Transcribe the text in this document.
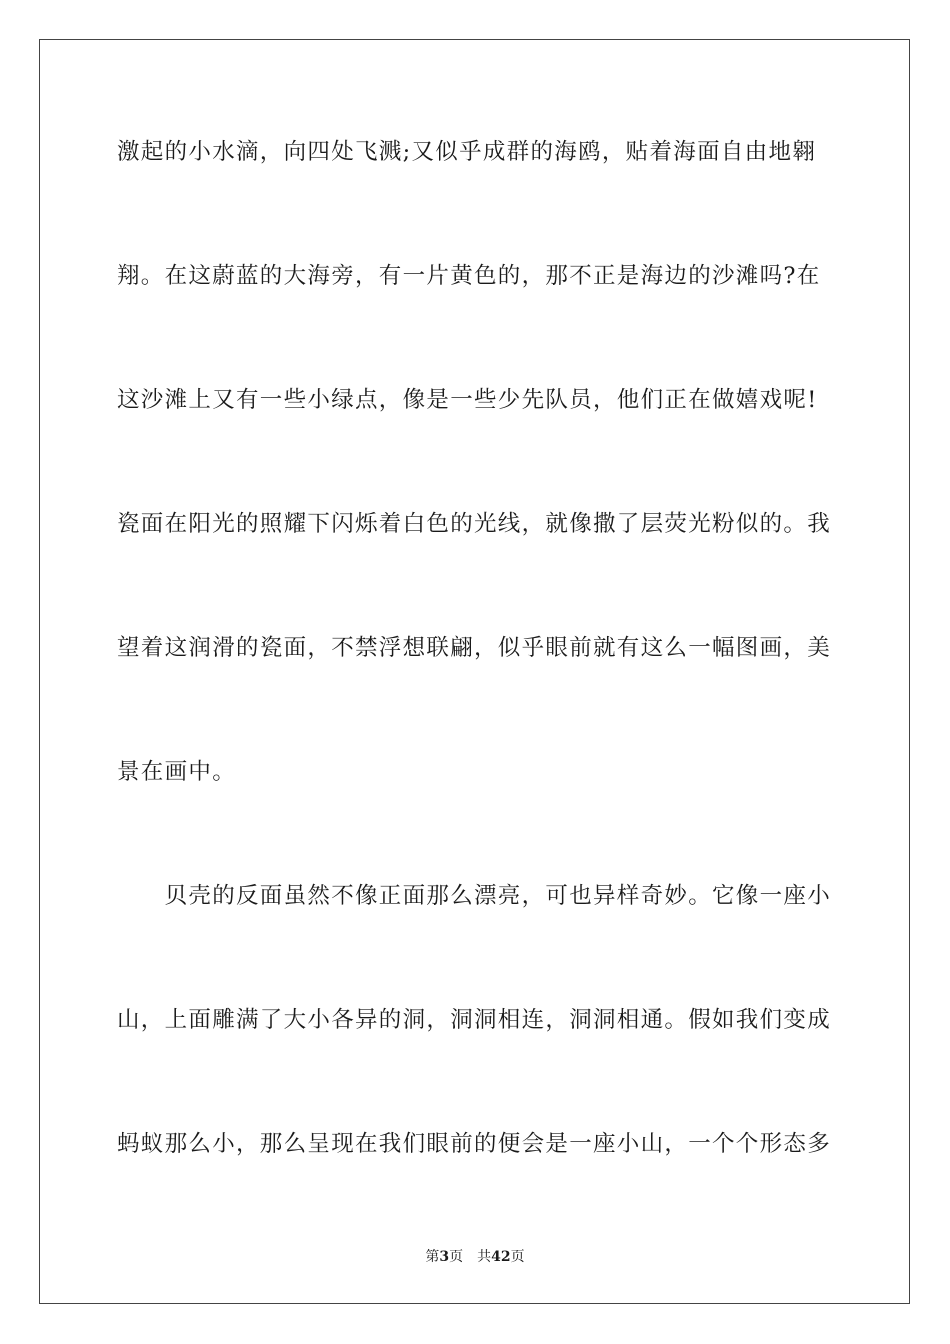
激起的小水滴，向四处飞溅;又似乎成群的海鸥，贴着海面自由地翱
翔。在这蔚蓝的大海旁，有一片黄色的，那不正是海边的沙滩吗?在
这沙滩上又有一些小绿点，像是一些少先队员，他们正在做嬉戏呢!
瓷面在阳光的照耀下闪烁着白色的光线，就像撒了层荧光粉似的。我
望着这润滑的瓷面，不禁浮想联翩，似乎眼前就有这么一幅图画，美
景在画中。
　　贝壳的反面虽然不像正面那么漂亮，可也异样奇妙。它像一座小
山，上面雕满了大小各异的洞，洞洞相连，洞洞相通。假如我们变成
蚂蚁那么小，那么呈现在我们眼前的便会是一座小山，一个个形态多
第3页 共42页
